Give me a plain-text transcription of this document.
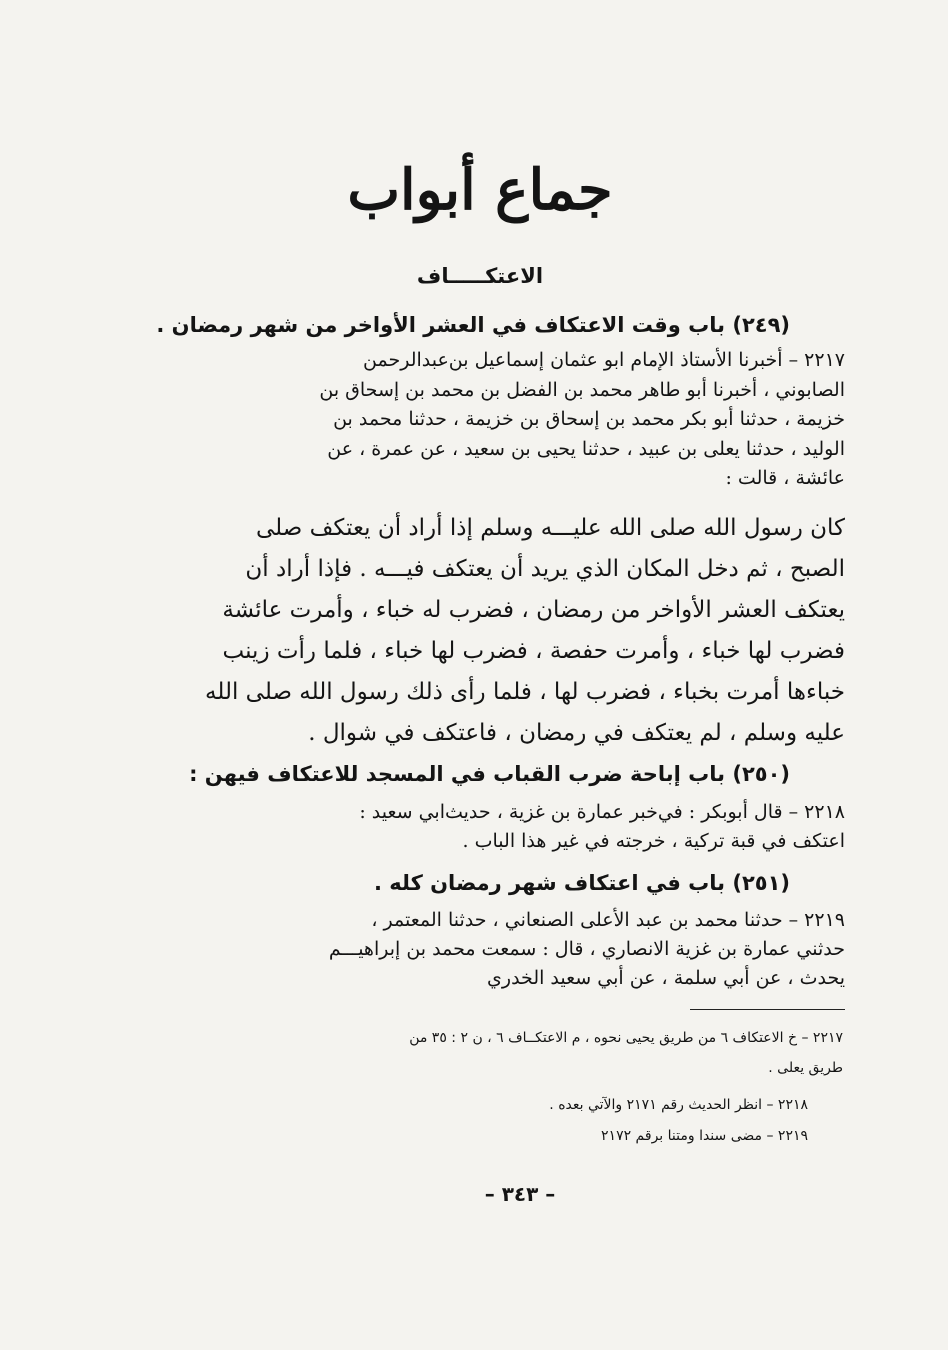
جماع أبواب
الاعتكـــــاف
(٢٤٩) باب وقت الاعتكاف في العشر الأواخر من شهر رمضان .
٢٢١٧ – أخبرنا الأستاذ الإمام ابو عثمان إسماعيل بن‌عبدالرحمن
الصابوني ، أخبرنا أبو طاهر محمد بن الفضل بن محمد بن إسحاق بن
خزيمة ، حدثنا أبو بكر محمد بن إسحاق بن خزيمة ، حدثنا محمد بن
الوليد ، حدثنا يعلى بن عبيد ، حدثنا يحيى بن سعيد ، عن عمرة ، عن
عائشة ، قالت :
كان رسول الله صلى الله عليـــه وسلم إذا أراد أن يعتكف صلى
الصبح ، ثم دخل المكان الذي يريد أن يعتكف فيـــه . فإذا أراد أن
يعتكف العشر الأواخر من رمضان ، فضرب له خباء ، وأمرت عائشة
فضرب لها خباء ، وأمرت حفصة ، فضرب لها خباء ، فلما رأت زينب
خباءها أمرت بخباء ، فضرب لها ، فلما رأى ذلك رسول الله صلى الله
عليه وسلم ، لم يعتكف في رمضان ، فاعتكف في شوال .
(٢٥٠) باب إباحة ضرب القباب في المسجد للاعتكاف فيهن :
٢٢١٨ – قال أبوبكر : في‌خبر عمارة بن غزية ، حديث‌ابي سعيد :
اعتكف في قبة تركية ، خرجته في غير هذا الباب .
(٢٥١) باب في اعتكاف شهر رمضان كله .
٢٢١٩ – حدثنا محمد بن عبد الأعلى الصنعاني ، حدثنا المعتمر ،
حدثني عمارة بن غزية الانصاري ، قال : سمعت محمد بن إبراهيـــم
يحدث ، عن أبي سلمة ، عن أبي سعيد الخدري
٢٢١٧ – خ الاعتكاف ٦ من طريق يحيى نحوه ، م الاعتكــاف ٦ ، ن ٢ : ٣٥ من
طريق يعلى .
٢٢١٨ – انظر الحديث رقم ٢١٧١ والآتي بعده .
٢٢١٩ – مضى سندا ومتنا برقم ٢١٧٢
– ٣٤٣ –
